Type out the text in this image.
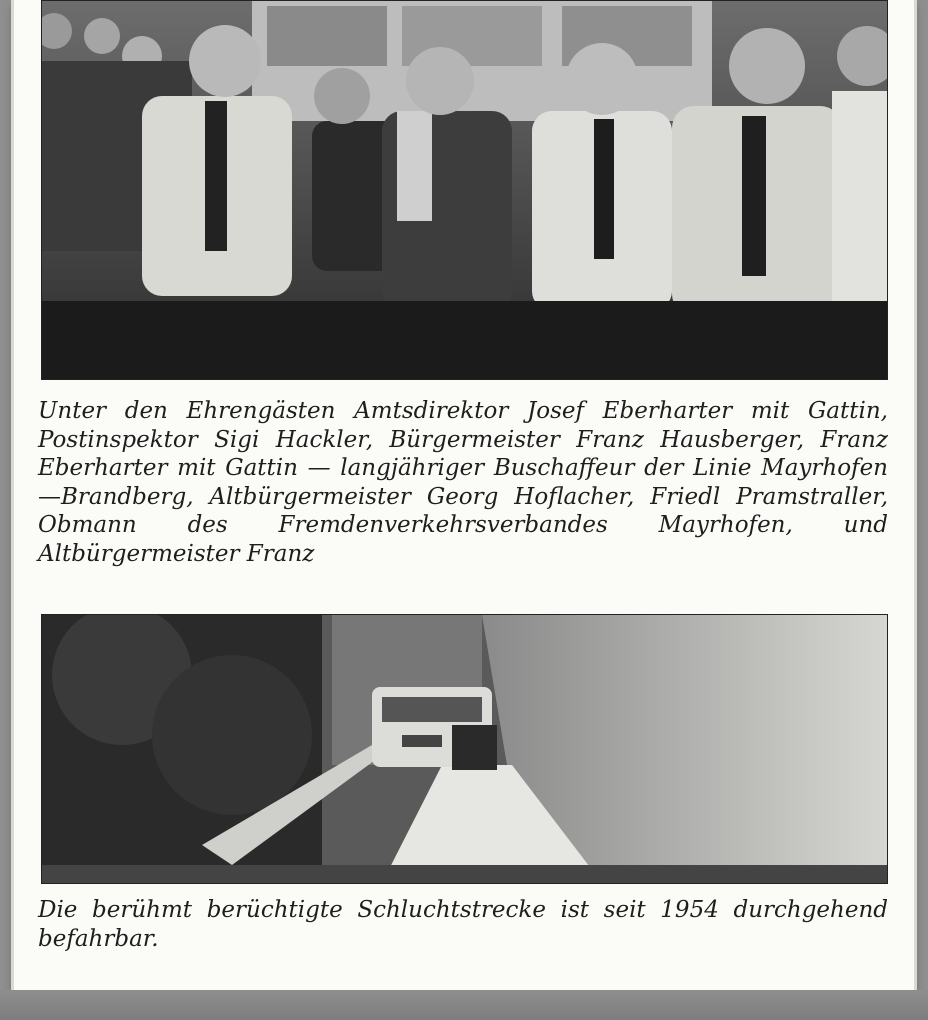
Unter den Ehrengästen Amtsdirektor Josef Eberharter mit Gattin, Postinspektor Sigi Hackler, Bürgermeister Franz Hausberger, Franz Eberharter mit Gattin — langjähriger Buschaffeur der Linie Mayrhofen—Brandberg, Altbürgermeister Georg Hoflacher, Friedl Pramstraller, Obmann des Fremdenverkehrsverbandes Mayrhofen, und Altbürgermeister Franz

Die berühmt berüchtigte Schluchtstrecke ist seit 1954 durchgehend befahrbar.
